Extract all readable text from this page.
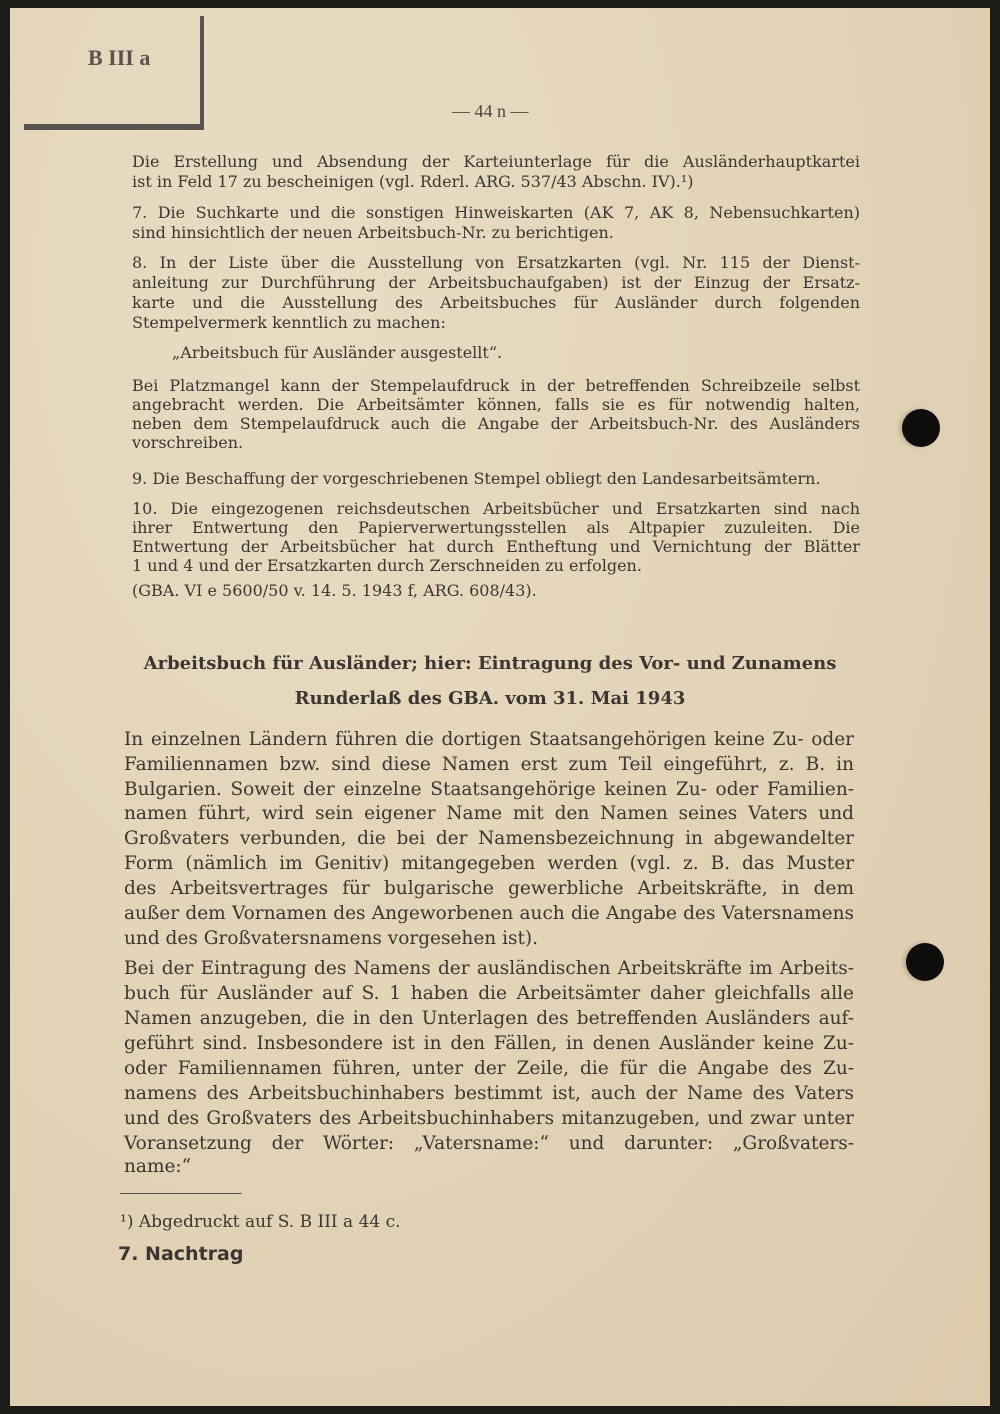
B III a
— 44 n —
Die Erstellung und Absendung der Karteiunterlage für die Ausländerhauptkartei
ist in Feld 17 zu bescheinigen (vgl. Rderl. ARG. 537/43 Abschn. IV).¹)
7. Die Suchkarte und die sonstigen Hinweiskarten (AK 7, AK 8, Nebensuchkarten)
sind hinsichtlich der neuen Arbeitsbuch-Nr. zu berichtigen.
8. In der Liste über die Ausstellung von Ersatzkarten (vgl. Nr. 115 der Dienst-
anleitung zur Durchführung der Arbeitsbuchaufgaben) ist der Einzug der Ersatz-
karte und die Ausstellung des Arbeitsbuches für Ausländer durch folgenden
Stempelvermerk kenntlich zu machen:
Bei Platzmangel kann der Stempelaufdruck in der betreffenden Schreibzeile selbst
angebracht werden. Die Arbeitsämter können, falls sie es für notwendig halten,
neben dem Stempelaufdruck auch die Angabe der Arbeitsbuch-Nr. des Ausländers
vorschreiben.
9. Die Beschaffung der vorgeschriebenen Stempel obliegt den Landesarbeitsämtern.
10. Die eingezogenen reichsdeutschen Arbeitsbücher und Ersatzkarten sind nach
ihrer Entwertung den Papierverwertungsstellen als Altpapier zuzuleiten. Die
Entwertung der Arbeitsbücher hat durch Entheftung und Vernichtung der Blätter
1 und 4 und der Ersatzkarten durch Zerschneiden zu erfolgen.
In einzelnen Ländern führen die dortigen Staatsangehörigen keine Zu- oder
Familiennamen bzw. sind diese Namen erst zum Teil eingeführt, z. B. in
Bulgarien. Soweit der einzelne Staatsangehörige keinen Zu- oder Familien-
namen führt, wird sein eigener Name mit den Namen seines Vaters und
Großvaters verbunden, die bei der Namensbezeichnung in abgewandelter
Form (nämlich im Genitiv) mitangegeben werden (vgl. z. B. das Muster
des Arbeitsvertrages für bulgarische gewerbliche Arbeitskräfte, in dem
außer dem Vornamen des Angeworbenen auch die Angabe des Vatersnamens
und des Großvatersnamens vorgesehen ist).
Bei der Eintragung des Namens der ausländischen Arbeitskräfte im Arbeits-
buch für Ausländer auf S. 1 haben die Arbeitsämter daher gleichfalls alle
Namen anzugeben, die in den Unterlagen des betreffenden Ausländers auf-
geführt sind. Insbesondere ist in den Fällen, in denen Ausländer keine Zu-
oder Familiennamen führen, unter der Zeile, die für die Angabe des Zu-
namens des Arbeitsbuchinhabers bestimmt ist, auch der Name des Vaters
und des Großvaters des Arbeitsbuchinhabers mitanzugeben, und zwar unter
Voransetzung der Wörter: „Vatersname:“ und darunter: „Großvaters-
name:“
„Arbeitsbuch für Ausländer ausgestellt“.
(GBA. VI e 5600/50 v. 14. 5. 1943 f, ARG. 608/43).
Arbeitsbuch für Ausländer; hier: Eintragung des Vor- und Zunamens
Runderlaß des GBA. vom 31. Mai 1943
¹) Abgedruckt auf S. B III a 44 c.
7. Nachtrag
